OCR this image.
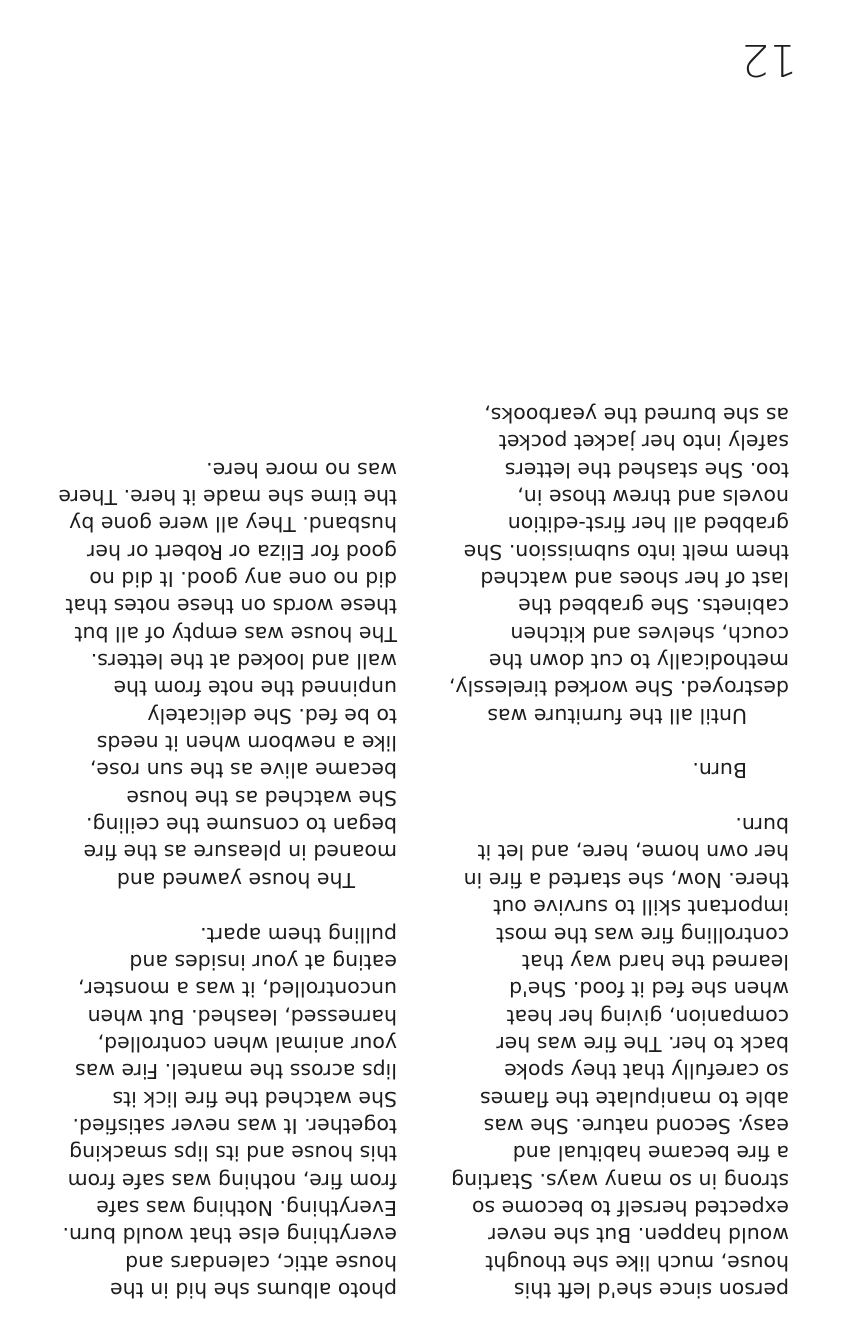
person since she'd left this
house, much like she thought
would happen. But she never
expected herself to become so
strong in so many ways. Starting
a fire became habitual and
easy. Second nature. She was
able to manipulate the flames
so carefully that they spoke
back to her. The fire was her
companion, giving her heat
when she fed it food. She'd
learned the hard way that
controlling fire was the most
important skill to survive out
there. Now, she started a fire in
her own home, here, and let it
burn.
Burn.
Until all the furniture was
destroyed. She worked tirelessly,
methodically to cut down the
couch, shelves and kitchen
cabinets. She grabbed the
last of her shoes and watched
them melt into submission. She
grabbed all her first-edition
novels and threw those in,
too. She stashed the letters
safely into her jacket pocket
as she burned the yearbooks,
photo albums she hid in the
house attic, calendars and
everything else that would burn.
Everything. Nothing was safe
from fire, nothing was safe from
this house and its lips smacking
together. It was never satisfied.
She watched the fire lick its
lips across the mantel. Fire was
your animal when controlled,
harnessed, leashed. But when
uncontrolled, it was a monster,
eating at your insides and
pulling them apart.
The house yawned and
moaned in pleasure as the fire
began to consume the ceiling.
She watched as the house
became alive as the sun rose,
like a newborn when it needs
to be fed. She delicately
unpinned the note from the
wall and looked at the letters.
The house was empty of all but
these words on these notes that
did no one any good. It did no
good for Eliza or Robert or her
husband. They all were gone by
the time she made it here. There
was no more here.

12
